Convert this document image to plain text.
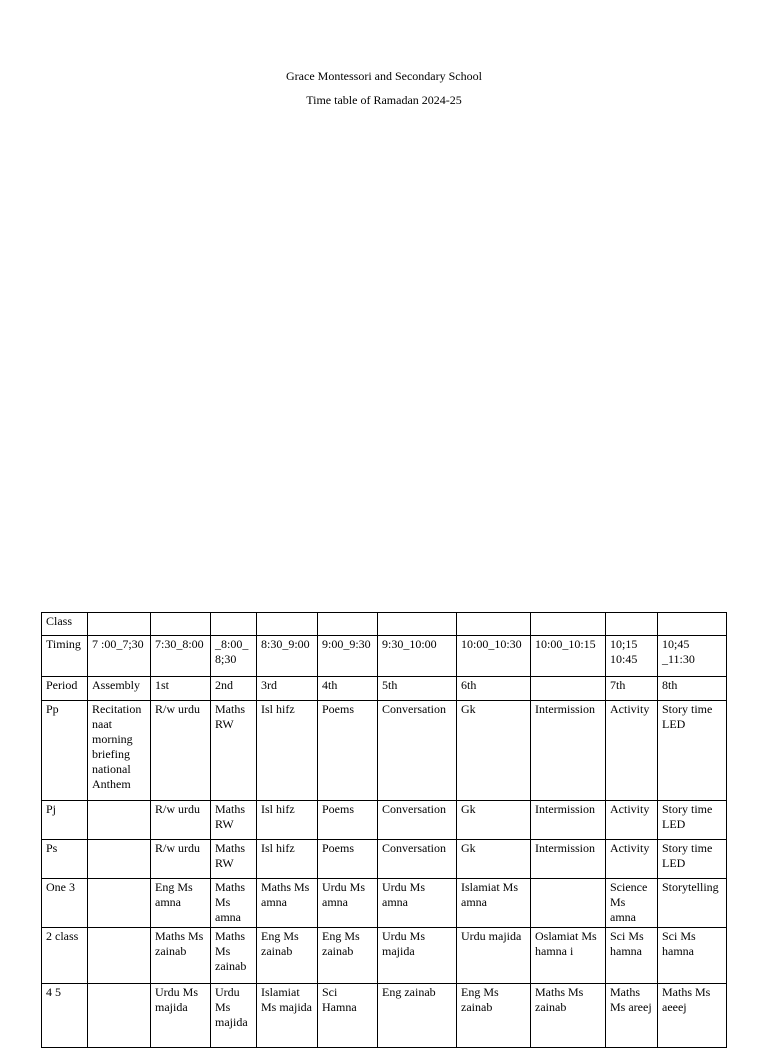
Grace Montessori and Secondary School
Time table of Ramadan 2024-25
Class										
Timing	7 :00_7;30	7:30_8:00	_8:00_ 8;30	8:30_9:00	9:00_9:30	9:30_10:00	10:00_10:30	10:00_10:15	10;15 10:45	10;45 _11:30
Period	Assembly	1st	2nd	3rd	4th	5th	6th		7th	8th
Pp	Recitation naat morning briefing national Anthem	R/w urdu	Maths RW	Isl hifz	Poems	Conversation	Gk	Intermission	Activity	Story time LED
Pj		R/w urdu	Maths RW	Isl hifz	Poems	Conversation	Gk	Intermission	Activity	Story time LED
Ps		R/w urdu	Maths RW	Isl hifz	Poems	Conversation	Gk	Intermission	Activity	Story time LED
One 3		Eng Ms amna	Maths Ms amna	Maths Ms amna	Urdu Ms amna	Urdu Ms amna	Islamiat Ms amna		Science Ms amna	Storytelling
2 class		Maths Ms zainab	Maths Ms zainab	Eng Ms zainab	Eng Ms zainab	Urdu Ms majida	Urdu majida	Oslamiat Ms hamna i	Sci Ms hamna	Sci Ms hamna
4 5		Urdu Ms majida	Urdu Ms majida	Islamiat Ms majida	Sci Hamna	Eng zainab	Eng Ms zainab	Maths Ms zainab	Maths Ms areej	Maths Ms aeeej
